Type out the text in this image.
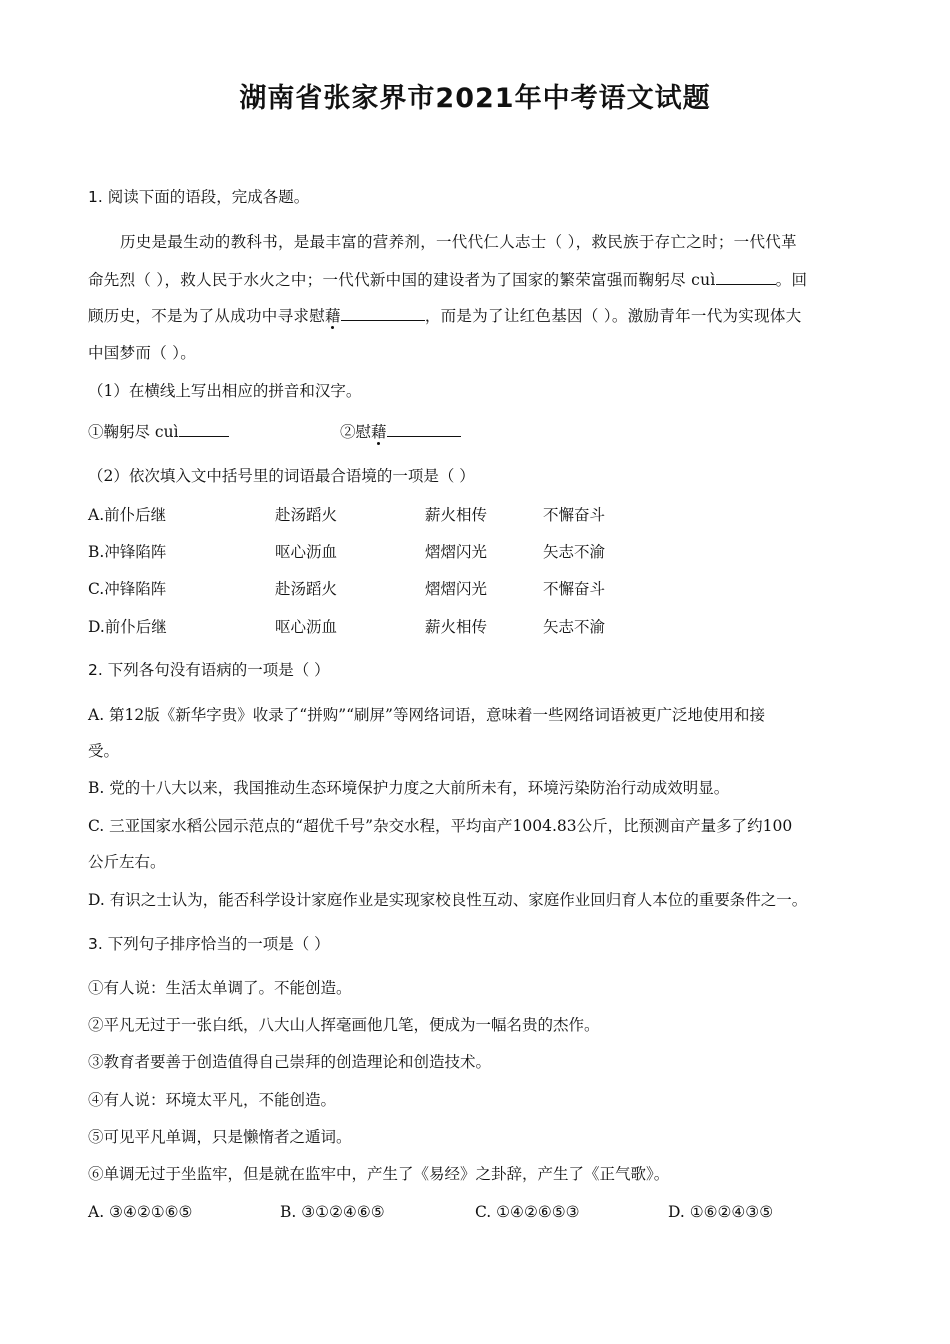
湖南省张家界市2021年中考语文试题
1. 阅读下面的语段，完成各题。
历史是最生动的教科书，是最丰富的营养剂，一代代仁人志士（ ），救民族于存亡之时；一代代革
命先烈（ ），救人民于水火之中；一代代新中国的建设者为了国家的繁荣富强而鞠躬尽 cuì	。回
顾历史，不是为了从成功中寻求慰藉	，而是为了让红色基因（ ）。激励青年一代为实现体大
中国梦而（ ）。
（1）在横线上写出相应的拼音和汉字。
①鞠躬尽 cuì	②慰藉
（2）依次填入文中括号里的词语最合语境的一项是（ ）
A.前仆后继	赴汤蹈火	薪火相传	不懈奋斗
B.冲锋陷阵	呕心沥血	熠熠闪光	矢志不渝
C.冲锋陷阵	赴汤蹈火	熠熠闪光	不懈奋斗
D.前仆后继	呕心沥血	薪火相传	矢志不渝
2. 下列各句没有语病的一项是（ ）
A. 第12版《新华字贵》收录了“拼购”“刷屏”等网络词语，意味着一些网络词语被更广泛地使用和接
受。
B. 党的十八大以来，我国推动生态环境保护力度之大前所未有，环境污染防治行动成效明显。
C. 三亚国家水稻公园示范点的“超优千号”杂交水程，平均亩产1004.83公斤，比预测亩产量多了约100
公斤左右。
D. 有识之士认为，能否科学设计家庭作业是实现家校良性互动、家庭作业回归育人本位的重要条件之一。
3. 下列句子排序恰当的一项是（ ）
①有人说：生活太单调了。不能创造。
②平凡无过于一张白纸，八大山人挥毫画他几笔，便成为一幅名贵的杰作。
③教育者要善于创造值得自己崇拜的创造理论和创造技术。
④有人说：环境太平凡，不能创造。
⑤可见平凡单调，只是懒惰者之遁词。
⑥单调无过于坐监牢，但是就在监牢中，产生了《易经》之卦辞，产生了《正气歌》。
A. ③④②①⑥⑤	B. ③①②④⑥⑤	C. ①④②⑥⑤③	D. ①⑥②④③⑤
